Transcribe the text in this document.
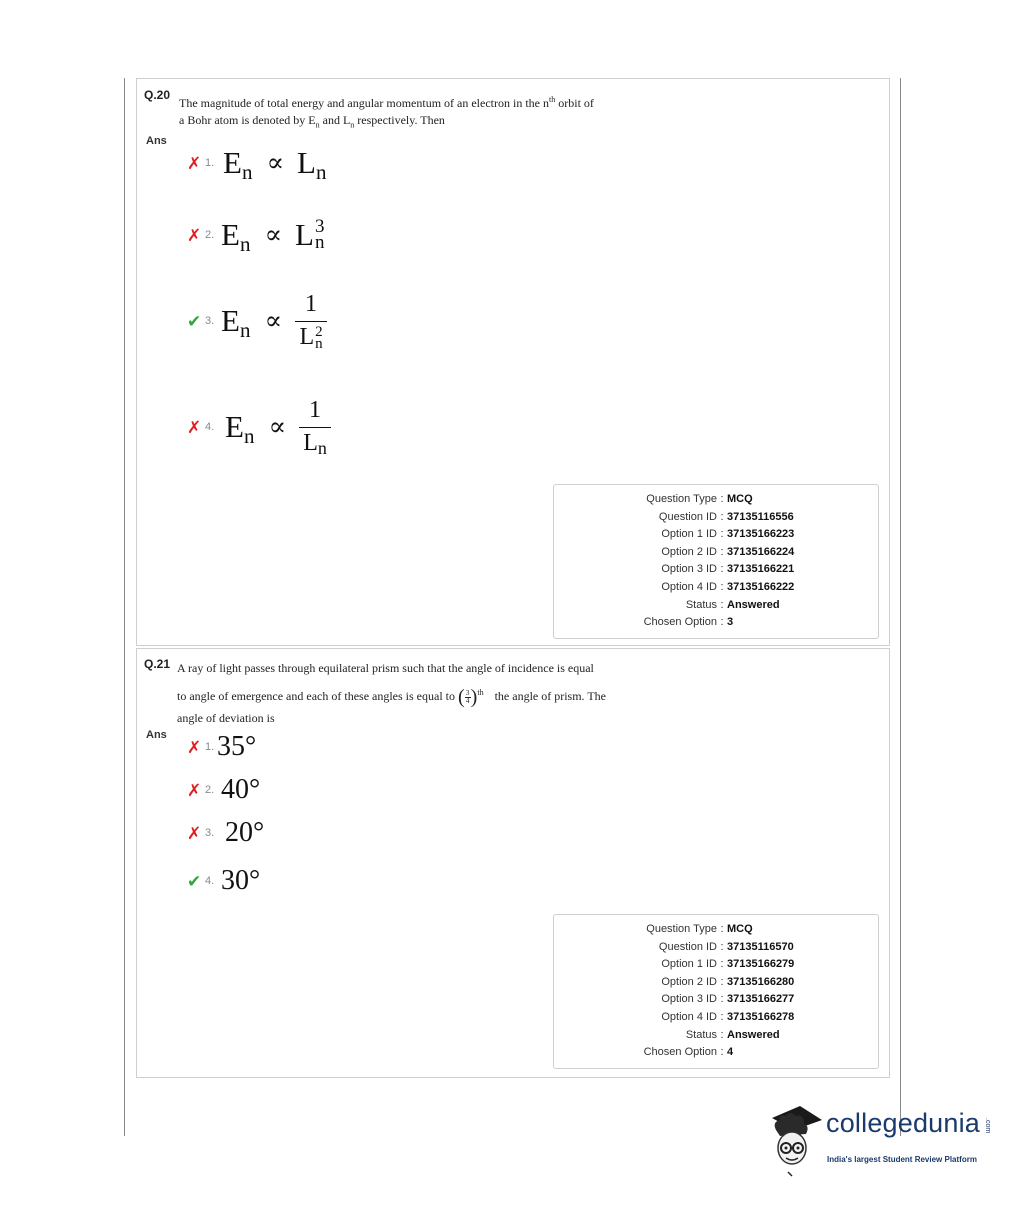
Q.20
The magnitude of total energy and angular momentum of an electron in the $n^{th}$ orbit of
a Bohr atom is denoted by $E_n$ and $L_n$ respectively. Then
Ans
✗ 1. E n ∝ L n
✗ 2. E n ∝ L 3
n
✔ 3. E n ∝ 1
L 2
n
✗ 4. E $n \propto \frac{1}{\text{L n}}$
Question Type : MCQ
Question ID : 37135116556
Option 1 ID : 37135166223
Option 2 ID : 37135166224
Option 3 ID : 37135166221
Option 4 ID : 37135166222
Status : Answered
Chosen Option : 3
Q.21 A ray of light passes through equilateral prism such that the angle of incidence is equal
to angle of emergence and each of these angles is equal to ( 3
4 ) $^{th}$ the angle of prism. The
angle of deviation is
Ans
✗ 1. 35°
✗ 2. 40°
✗ 3. 20°
✔ 4. 30°
Question Type : MCQ
Question ID : 37135116570
Option 1 ID : 37135166279
Option 2 ID : 37135166280
Option 3 ID : 37135166277
Option 4 ID : 37135166278
Status : Answered
Chosen Option : 4
collegedunia .com
India's largest Student Review Platform
